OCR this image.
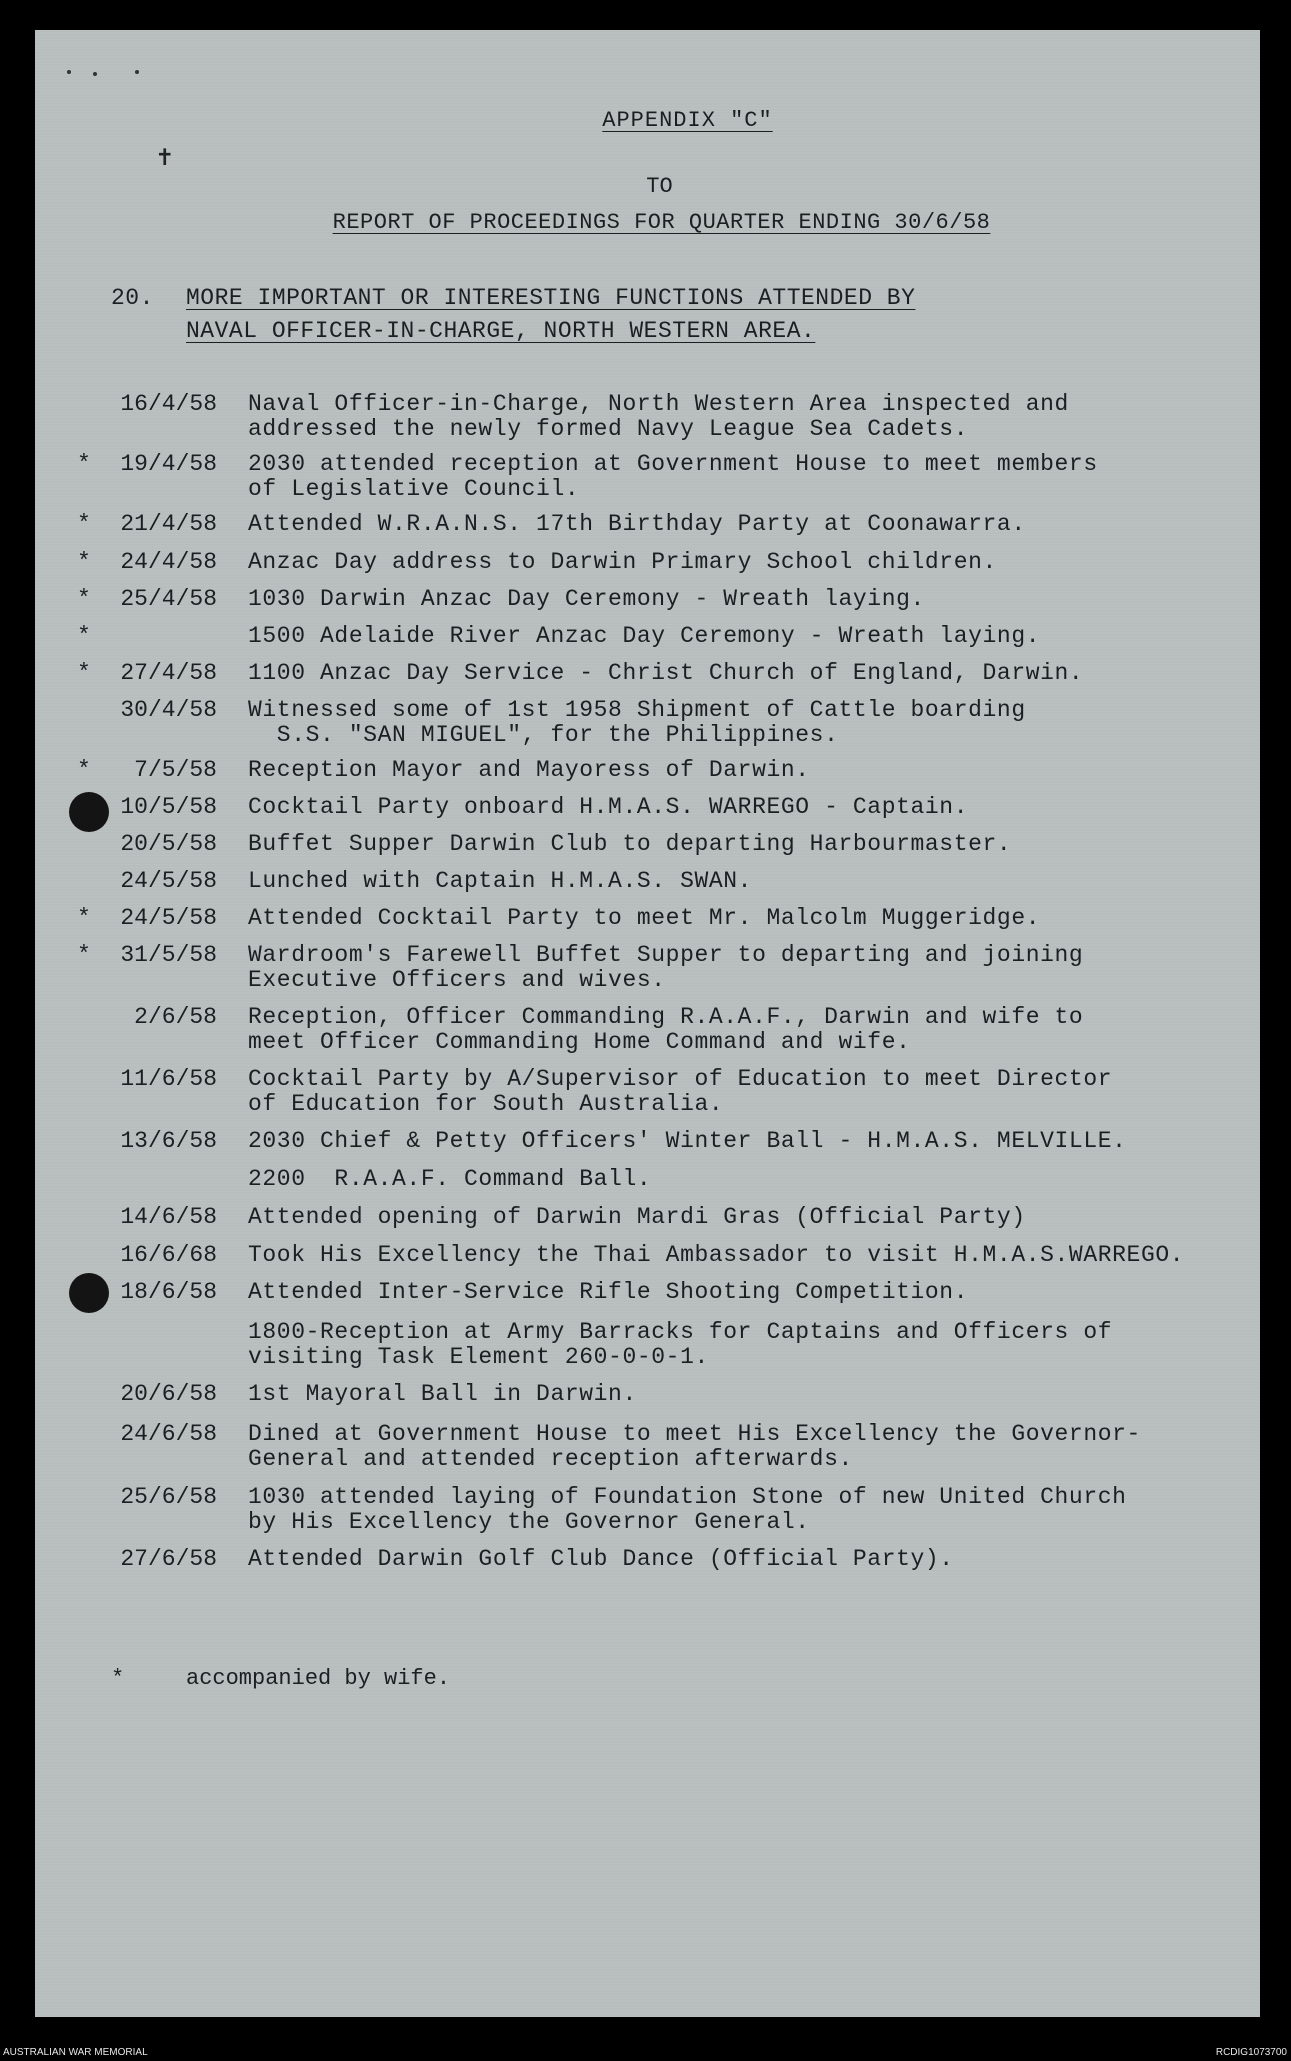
✝
APPENDIX "C"
TO
REPORT OF PROCEEDINGS FOR QUARTER ENDING 30/6/58
20. MORE IMPORTANT OR INTERESTING FUNCTIONS ATTENDED BY
NAVAL OFFICER-IN-CHARGE, NORTH WESTERN AREA.
16/4/58 Naval Officer-in-Charge, North Western Area inspected and
addressed the newly formed Navy League Sea Cadets.
* 19/4/58 2030 attended reception at Government House to meet members
of Legislative Council.
* 21/4/58 Attended W.R.A.N.S. 17th Birthday Party at Coonawarra.
* 24/4/58 Anzac Day address to Darwin Primary School children.
* 25/4/58 1030 Darwin Anzac Day Ceremony - Wreath laying.
*	1500 Adelaide River Anzac Day Ceremony - Wreath laying.
* 27/4/58 1100 Anzac Day Service - Christ Church of England, Darwin.
30/4/58 Witnessed some of 1st 1958 Shipment of Cattle boarding
S.S. "SAN MIGUEL", for the Philippines.
* 7/5/58 Reception Mayor and Mayoress of Darwin.
10/5/58 Cocktail Party onboard H.M.A.S. WARREGO - Captain.
20/5/58 Buffet Supper Darwin Club to departing Harbourmaster.
24/5/58 Lunched with Captain H.M.A.S. SWAN.
* 24/5/58 Attended Cocktail Party to meet Mr. Malcolm Muggeridge.
* 31/5/58 Wardroom's Farewell Buffet Supper to departing and joining
Executive Officers and wives.
2/6/58 Reception, Officer Commanding R.A.A.F., Darwin and wife to
meet Officer Commanding Home Command and wife.
11/6/58 Cocktail Party by A/Supervisor of Education to meet Director
of Education for South Australia.
13/6/58 2030 Chief & Petty Officers' Winter Ball - H.M.A.S. MELVILLE.
2200  R.A.A.F. Command Ball.
14/6/58 Attended opening of Darwin Mardi Gras (Official Party)
16/6/68 Took His Excellency the Thai Ambassador to visit H.M.A.S.WARREGO.
18/6/58 Attended Inter-Service Rifle Shooting Competition.
1800-Reception at Army Barracks for Captains and Officers of
visiting Task Element 260-0-0-1.
20/6/58 1st Mayoral Ball in Darwin.
24/6/58 Dined at Government House to meet His Excellency the Governor-
General and attended reception afterwards.
25/6/58 1030 attended laying of Foundation Stone of new United Church
by His Excellency the Governor General.
27/6/58 Attended Darwin Golf Club Dance (Official Party).
*	accompanied by wife.
AUSTRALIAN WAR MEMORIAL	RCDIG1073700
